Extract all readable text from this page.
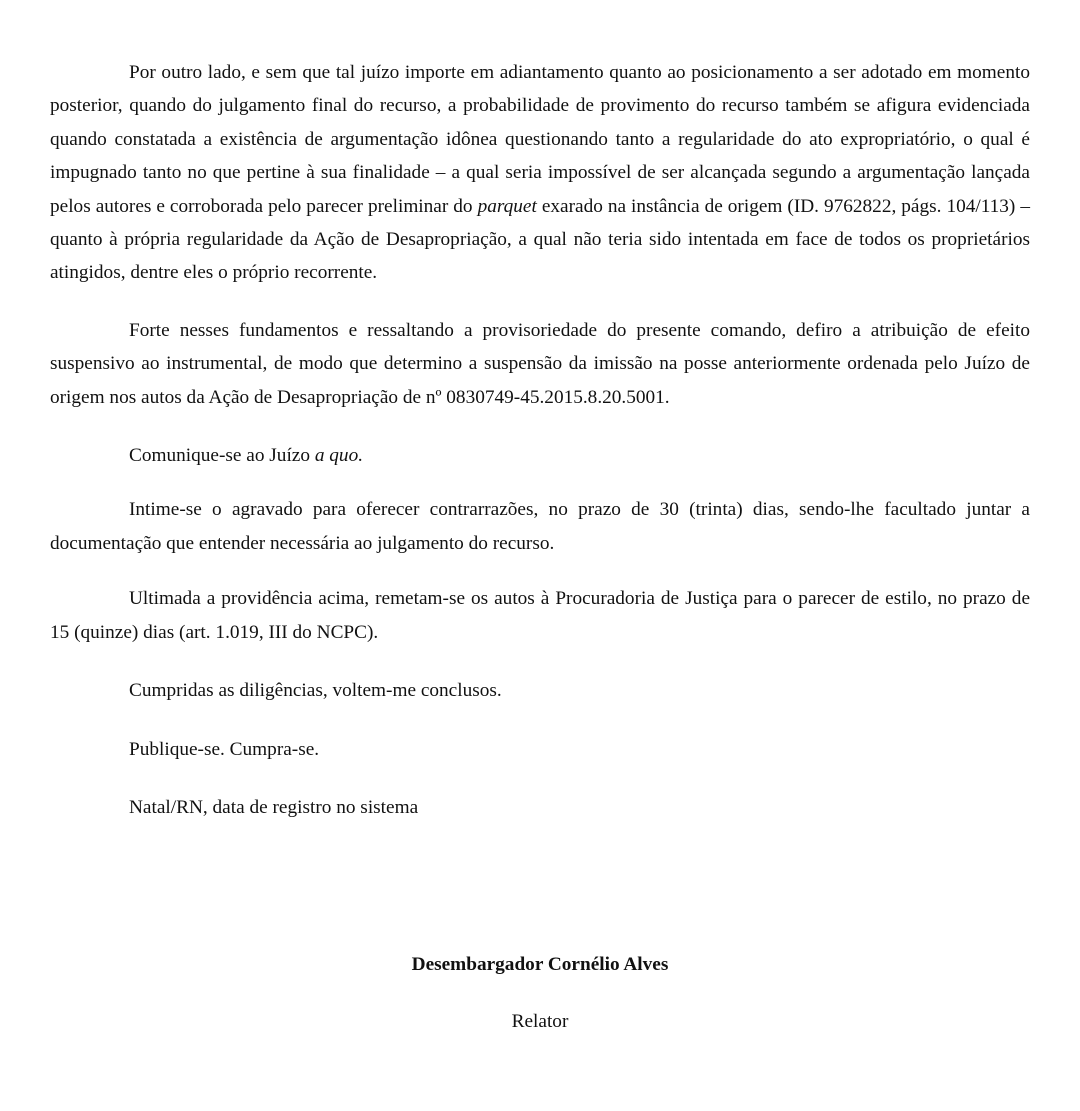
Por outro lado, e sem que tal juízo importe em adiantamento quanto ao posicionamento a ser adotado em momento posterior, quando do julgamento final do recurso, a probabilidade de provimento do recurso também se afigura evidenciada quando constatada a existência de argumentação idônea questionando tanto a regularidade do ato expropriatório, o qual é impugnado tanto no que pertine à sua finalidade – a qual seria impossível de ser alcançada segundo a argumentação lançada pelos autores e corroborada pelo parecer preliminar do parquet exarado na instância de origem (ID. 9762822, págs. 104/113) – quanto à própria regularidade da Ação de Desapropriação, a qual não teria sido intentada em face de todos os proprietários atingidos, dentre eles o próprio recorrente.

Forte nesses fundamentos e ressaltando a provisoriedade do presente comando, defiro a atribuição de efeito suspensivo ao instrumental, de modo que determino a suspensão da imissão na posse anteriormente ordenada pelo Juízo de origem nos autos da Ação de Desapropriação de nº 0830749-45.2015.8.20.5001.

Comunique-se ao Juízo a quo.

Intime-se o agravado para oferecer contrarrazões, no prazo de 30 (trinta) dias, sendo-lhe facultado juntar a documentação que entender necessária ao julgamento do recurso.

Ultimada a providência acima, remetam-se os autos à Procuradoria de Justiça para o parecer de estilo, no prazo de 15 (quinze) dias (art. 1.019, III do NCPC).

Cumpridas as diligências, voltem-me conclusos.

Publique-se. Cumpra-se.

Natal/RN, data de registro no sistema

Desembargador Cornélio Alves
Relator
